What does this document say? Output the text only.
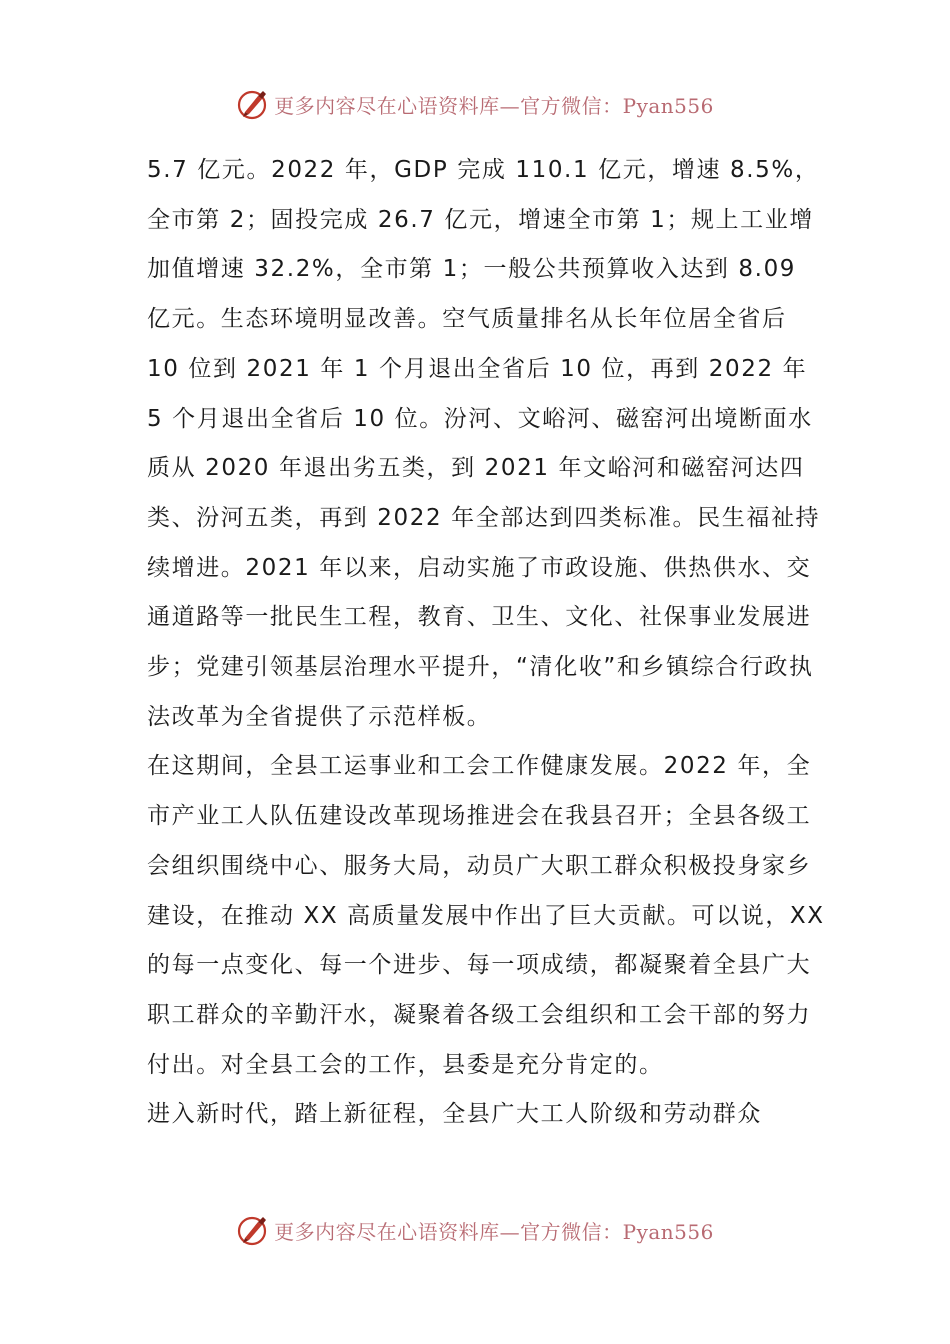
更多内容尽在心语资料库—官方微信：Pyan556

5.7 亿元。2022 年，GDP 完成 110.1 亿元，增速 8.5%，全市第 2；固投完成 26.7 亿元，增速全市第 1；规上工业增加值增速 32.2%，全市第 1；一般公共预算收入达到 8.09 亿元。生态环境明显改善。空气质量排名从长年位居全省后 10 位到 2021 年 1 个月退出全省后 10 位，再到 2022 年 5 个月退出全省后 10 位。汾河、文峪河、磁窑河出境断面水质从 2020 年退出劣五类，到 2021 年文峪河和磁窑河达四类、汾河五类，再到 2022 年全部达到四类标准。民生福祉持续增进。2021 年以来，启动实施了市政设施、供热供水、交通道路等一批民生工程，教育、卫生、文化、社保事业发展进步；党建引领基层治理水平提升，“清化收”和乡镇综合行政执法改革为全省提供了示范样板。

在这期间，全县工运事业和工会工作健康发展。2022 年，全市产业工人队伍建设改革现场推进会在我县召开；全县各级工会组织围绕中心、服务大局，动员广大职工群众积极投身家乡建设，在推动 XX 高质量发展中作出了巨大贡献。可以说，XX 的每一点变化、每一个进步、每一项成绩，都凝聚着全县广大职工群众的辛勤汗水，凝聚着各级工会组织和工会干部的努力付出。对全县工会的工作，县委是充分肯定的。

进入新时代，踏上新征程，全县广大工人阶级和劳动群众

更多内容尽在心语资料库—官方微信：Pyan556
